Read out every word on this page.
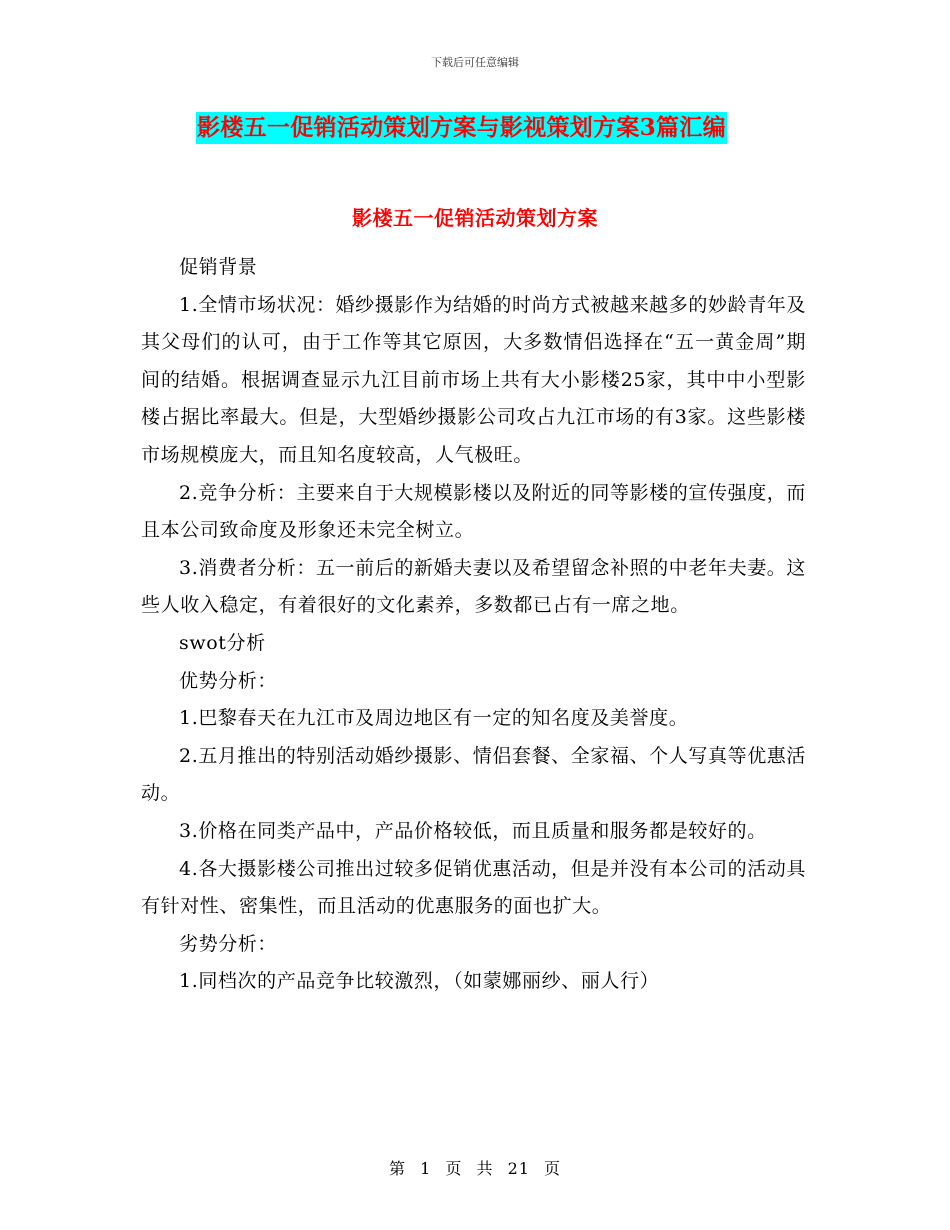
下载后可任意编辑
影楼五一促销活动策划方案与影视策划方案3篇汇编
影楼五一促销活动策划方案

促销背景

1.全情市场状况：婚纱摄影作为结婚的时尚方式被越来越多的妙龄青年及其父母们的认可，由于工作等其它原因，大多数情侣选择在“五一黄金周”期间的结婚。根据调查显示九江目前市场上共有大小影楼25家，其中中小型影楼占据比率最大。但是，大型婚纱摄影公司攻占九江市场的有3家。这些影楼市场规模庞大，而且知名度较高，人气极旺。

2.竞争分析：主要来自于大规模影楼以及附近的同等影楼的宣传强度，而且本公司致命度及形象还未完全树立。

3.消费者分析：五一前后的新婚夫妻以及希望留念补照的中老年夫妻。这些人收入稳定，有着很好的文化素养，多数都已占有一席之地。

swot分析

优势分析：

1.巴黎春天在九江市及周边地区有一定的知名度及美誉度。

2.五月推出的特别活动婚纱摄影、情侣套餐、全家福、个人写真等优惠活动。

3.价格在同类产品中，产品价格较低，而且质量和服务都是较好的。

4.各大摄影楼公司推出过较多促销优惠活动，但是并没有本公司的活动具有针对性、密集性，而且活动的优惠服务的面也扩大。

劣势分析：

1.同档次的产品竞争比较激烈，（如蒙娜丽纱、丽人行）

第 1 页 共 21 页
